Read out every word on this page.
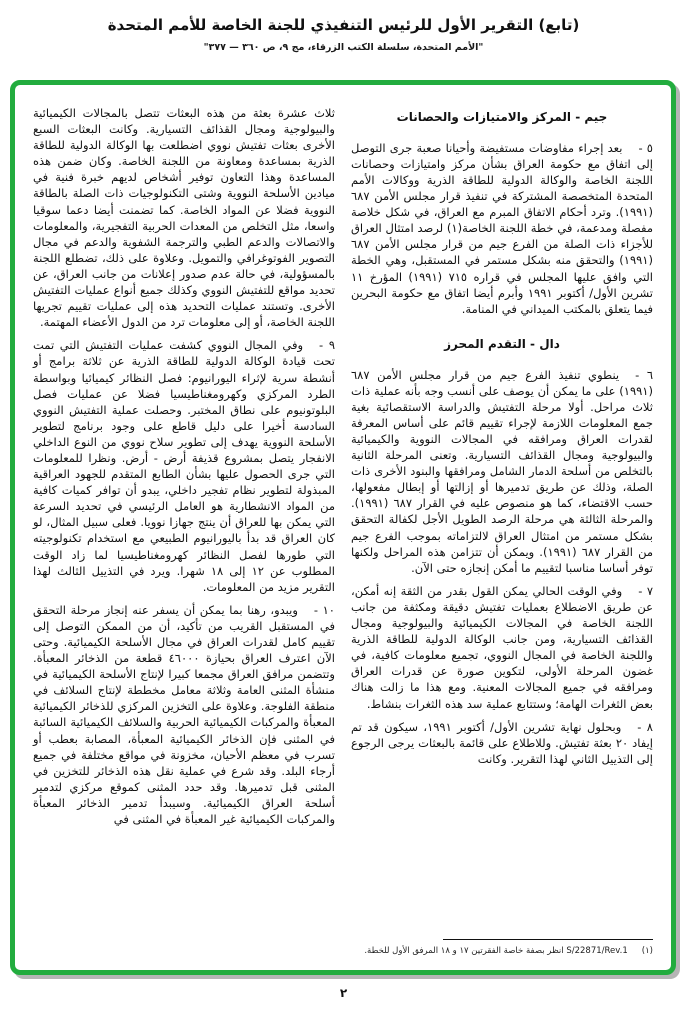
(تابع) التقرير الأول للرئيس التنفيذي للجنة الخاصة للأمم المتحدة
"الأمم المتحدة، سلسلة الكتب الزرقاء، مج ٩، ص ٣٦٠ — ٣٧٧"
جيم - المركز والامتيازات والحصانات

٥ -بعد إجراء مفاوضات مستفيضة وأحيانا صعبة جرى التوصل إلى اتفاق مع حكومة العراق بشأن مركز وامتيازات وحصانات اللجنة الخاصة والوكالة الدولية للطاقة الذرية ووكالات الأمم المتحدة المتخصصة المشتركة في تنفيذ قرار مجلس الأمن ٦٨٧ (١٩٩١). وترد أحكام الاتفاق المبرم مع العراق، في شكل خلاصة مفصلة ومدعمة، في خطة اللجنة الخاصة(١) لرصد امتثال العراق للأجزاء ذات الصلة من الفرع جيم من قرار مجلس الأمن ٦٨٧ (١٩٩١) والتحقق منه بشكل مستمر في المستقبل، وهي الخطة التي وافق عليها المجلس في قراره ٧١٥ (١٩٩١) المؤرخ ١١ تشرين الأول/ أكتوبر ١٩٩١ وأبرم أيضا اتفاق مع حكومة البحرين فيما يتعلق بالمكتب الميداني في المنامة.

دال - التقدم المحرز

٦ -ينطوي تنفيذ الفرع جيم من قرار مجلس الأمن ٦٨٧ (١٩٩١) على ما يمكن أن يوصف على أنسب وجه بأنه عملية ذات ثلاث مراحل. أولا مرحلة التفتيش والدراسة الاستقصائية بغية جمع المعلومات اللازمة لإجراء تقييم قائم على أساس المعرفة لقدرات العراق ومرافقه في المجالات النووية والكيميائية والبيولوجية ومجال القذائف التسيارية. وتعنى المرحلة الثانية بالتخلص من أسلحة الدمار الشامل ومرافقها والبنود الأخرى ذات الصلة، وذلك عن طريق تدميرها أو إزالتها أو إبطال مفعولها، حسب الاقتضاء، كما هو منصوص عليه في القرار ٦٨٧ (١٩٩١). والمرحلة الثالثة هي مرحلة الرصد الطويل الأجل لكفالة التحقق بشكل مستمر من امتثال العراق لالتزاماته بموجب الفرع جيم من القرار ٦٨٧ (١٩٩١). ويمكن أن تتزامن هذه المراحل ولكنها توفر أساسا مناسبا لتقييم ما أمكن إنجازه حتى الآن.

٧ -وفي الوقت الحالي يمكن القول بقدر من الثقة إنه أمكن، عن طريق الاضطلاع بعمليات تفتيش دقيقة ومكثفة من جانب اللجنة الخاصة في المجالات الكيميائية والبيولوجية ومجال القذائف التسيارية، ومن جانب الوكالة الدولية للطاقة الذرية واللجنة الخاصة في المجال النووي، تجميع معلومات كافية، في غضون المرحلة الأولى، لتكوين صورة عن قدرات العراق ومرافقه في جميع المجالات المعنية. ومع هذا ما زالت هناك بعض الثغرات الهامة؛ وستتابع عملية سد هذه الثغرات بنشاط.

٨ -وبحلول نهاية تشرين الأول/ أكتوبر ١٩٩١، سيكون قد تم إيفاد ٢٠ بعثة تفتيش. وللاطلاع على قائمة بالبعثات يرجى الرجوع إلى التذييل الثاني لهذا التقرير. وكانت

(١)S/22871/Rev.1 انظر بصفة خاصة الفقرتين ١٧ و ١٨ المرفق الأول للخطة.

ثلاث عشرة بعثة من هذه البعثات تتصل بالمجالات الكيميائية والبيولوجية ومجال القذائف التسيارية. وكانت البعثات السبع الأخرى بعثات تفتيش نووي اضطلعت بها الوكالة الدولية للطاقة الذرية بمساعدة ومعاونة من اللجنة الخاصة. وكان ضمن هذه المساعدة وهذا التعاون توفير أشخاص لديهم خبرة فنية في ميادين الأسلحة النووية وشتى التكنولوجيات ذات الصلة بالطاقة النووية فضلا عن المواد الخاصة. كما تضمنت أيضا دعما سوقيا واسعا، مثل التخلص من المعدات الحربية التفجيرية، والمعلومات والاتصالات والدعم الطبي والترجمة الشفوية والدعم في مجال التصوير الفوتوغرافي والتمويل. وعلاوة على ذلك، تضطلع اللجنة بالمسؤولية، في حالة عدم صدور إعلانات من جانب العراق، عن تحديد مواقع للتفتيش النووي وكذلك جميع أنواع عمليات التفتيش الأخرى. وتستند عمليات التحديد هذه إلى عمليات تقييم تجريها اللجنة الخاصة، أو إلى معلومات ترد من الدول الأعضاء المهتمة.

٩ -وفي المجال النووي كشفت عمليات التفتيش التي تمت تحت قيادة الوكالة الدولية للطاقة الذرية عن ثلاثة برامج أو أنشطة سرية لإثراء اليورانيوم: فصل النظائر كيميائيا وبواسطة الطرد المركزي وكهرومغناطيسيا فضلا عن عمليات فصل البلوتونيوم على نطاق المختبر. وحصلت عملية التفتيش النووي السادسة أخيرا على دليل قاطع على وجود برنامج لتطوير الأسلحة النووية يهدف إلى تطوير سلاح نووي من النوع الداخلي الانفجار يتصل بمشروع قذيفة أرض - أرض. ونظرا للمعلومات التي جرى الحصول عليها بشأن الطابع المتقدم للجهود العراقية المبذولة لتطوير نظام تفجير داخلي، يبدو أن توافر كميات كافية من المواد الانشطارية هو العامل الرئيسي في تحديد السرعة التي يمكن بها للعراق أن ينتج جهازا نوويا. فعلى سبيل المثال، لو كان العراق قد بدأ باليورانيوم الطبيعي مع استخدام تكنولوجيته التي طورها لفصل النظائر كهرومغناطيسيا لما زاد الوقت المطلوب عن ١٢ إلى ١٨ شهرا. ويرد في التذييل الثالث لهذا التقرير مزيد من المعلومات.

١٠ -ويبدو، رهنا بما يمكن أن يسفر عنه إنجاز مرحلة التحقق في المستقبل القريب من تأكيد، أن من الممكن التوصل إلى تقييم كامل لقدرات العراق في مجال الأسلحة الكيميائية. وحتى الآن اعترف العراق بحيازة ٤٦٠٠٠ قطعة من الذخائر المعبأة. وتتضمن مرافق العراق مجمعا كبيرا لإنتاج الأسلحة الكيميائية في منشأة المثنى العامة وثلاثة معامل مخططة لإنتاج السلائف في منطقة الفلوجة. وعلاوة على التخزين المركزي للذخائر الكيميائية المعبأة والمركبات الكيميائية الحربية والسلائف الكيميائية السائبة في المثنى فإن الذخائر الكيميائية المعبأة، المصابة بعطب أو تسرب في معظم الأحيان، مخزونة في مواقع مختلفة في جميع أرجاء البلد. وقد شرع في عملية نقل هذه الذخائر للتخزين في المثنى قبل تدميرها. وقد حدد المثنى كموقع مركزي لتدمير أسلحة العراق الكيميائية. وسيبدأ تدمير الذخائر المعبأة والمركبات الكيميائية غير المعبأة في المثنى في

٢
